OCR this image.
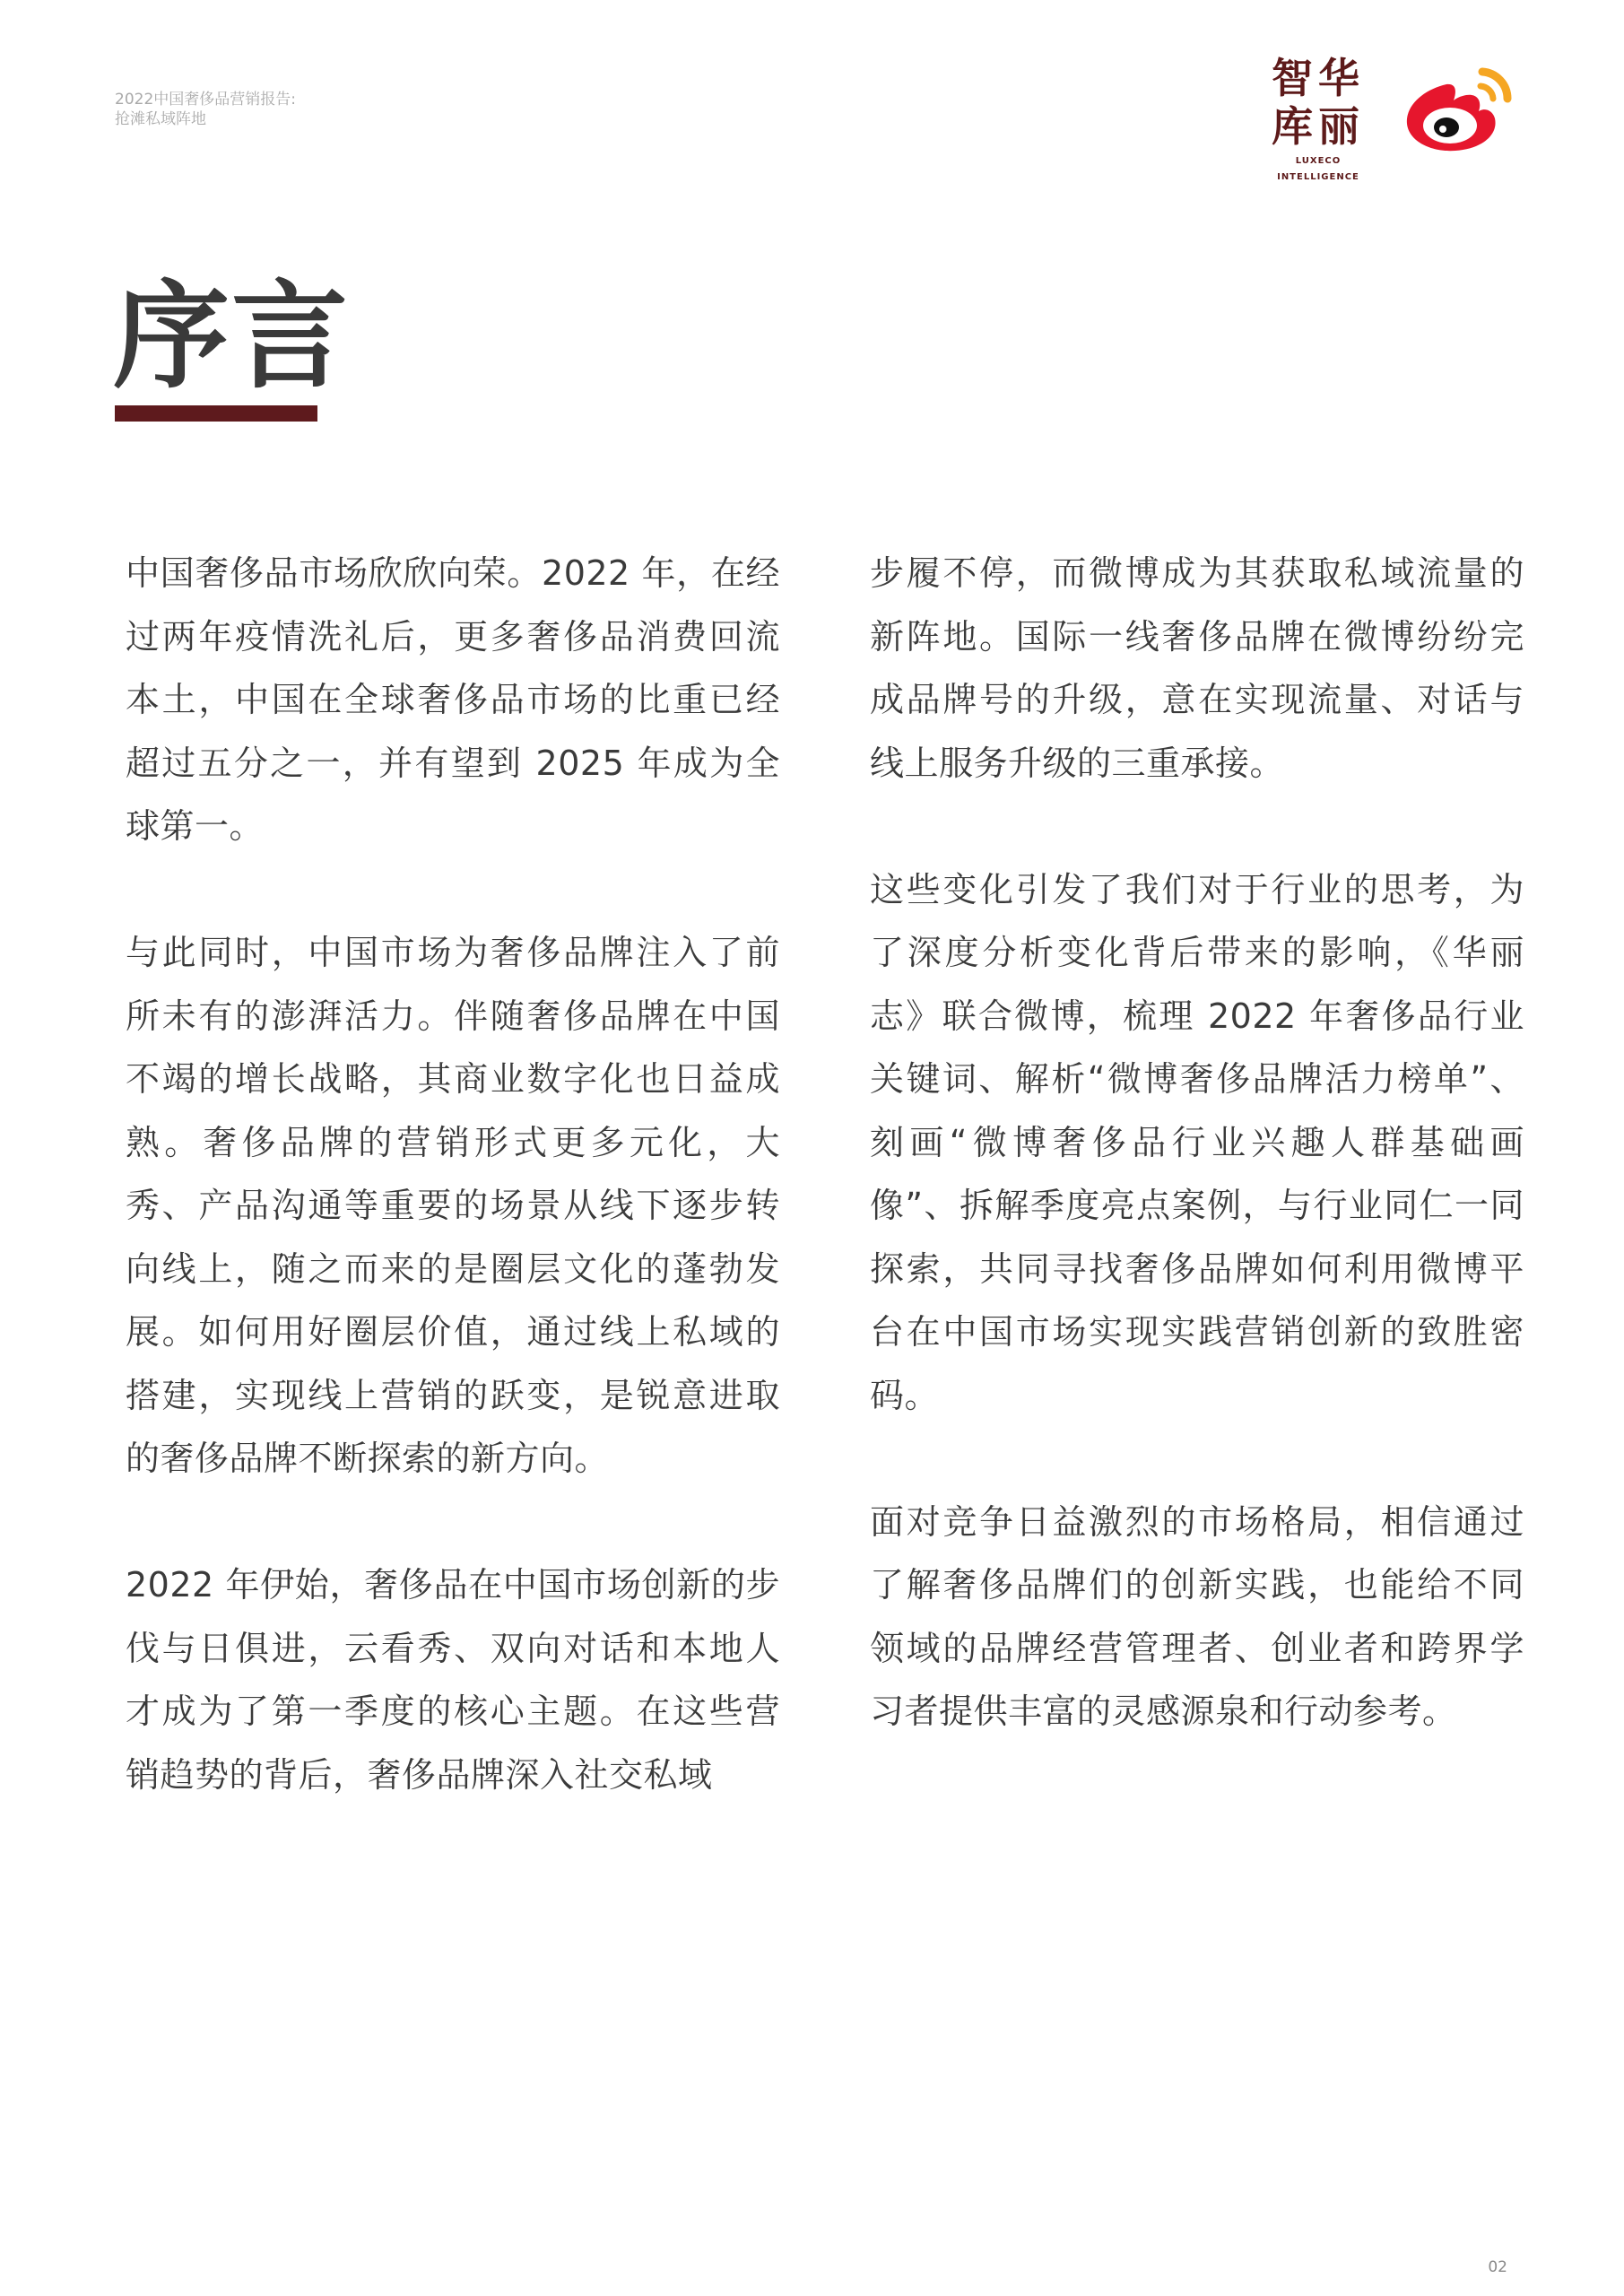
2022中国奢侈品营销报告:
抢滩私域阵地
智华
库丽
LUXECO
INTELLIGENCE
序言

中国奢侈品市场欣欣向荣。2022 年，在经过两年疫情洗礼后，更多奢侈品消费回流本土，中国在全球奢侈品市场的比重已经超过五分之一，并有望到 2025 年成为全球第一。

与此同时，中国市场为奢侈品牌注入了前所未有的澎湃活力。伴随奢侈品牌在中国不竭的增长战略，其商业数字化也日益成熟。奢侈品牌的营销形式更多元化，大秀、产品沟通等重要的场景从线下逐步转向线上，随之而来的是圈层文化的蓬勃发展。如何用好圈层价值，通过线上私域的搭建，实现线上营销的跃变，是锐意进取的奢侈品牌不断探索的新方向。

2022 年伊始，奢侈品在中国市场创新的步伐与日俱进，云看秀、双向对话和本地人才成为了第一季度的核心主题。在这些营销趋势的背后，奢侈品牌深入社交私域

步履不停，而微博成为其获取私域流量的新阵地。国际一线奢侈品牌在微博纷纷完成品牌号的升级，意在实现流量、对话与线上服务升级的三重承接。

这些变化引发了我们对于行业的思考，为了深度分析变化背后带来的影响，《华丽志》联合微博，梳理 2022 年奢侈品行业关键词、解析“微博奢侈品牌活力榜单”、刻画“微博奢侈品行业兴趣人群基础画像”、拆解季度亮点案例，与行业同仁一同探索，共同寻找奢侈品牌如何利用微博平台在中国市场实现实践营销创新的致胜密码。

面对竞争日益激烈的市场格局，相信通过了解奢侈品牌们的创新实践，也能给不同领域的品牌经营管理者、创业者和跨界学习者提供丰富的灵感源泉和行动参考。

02
